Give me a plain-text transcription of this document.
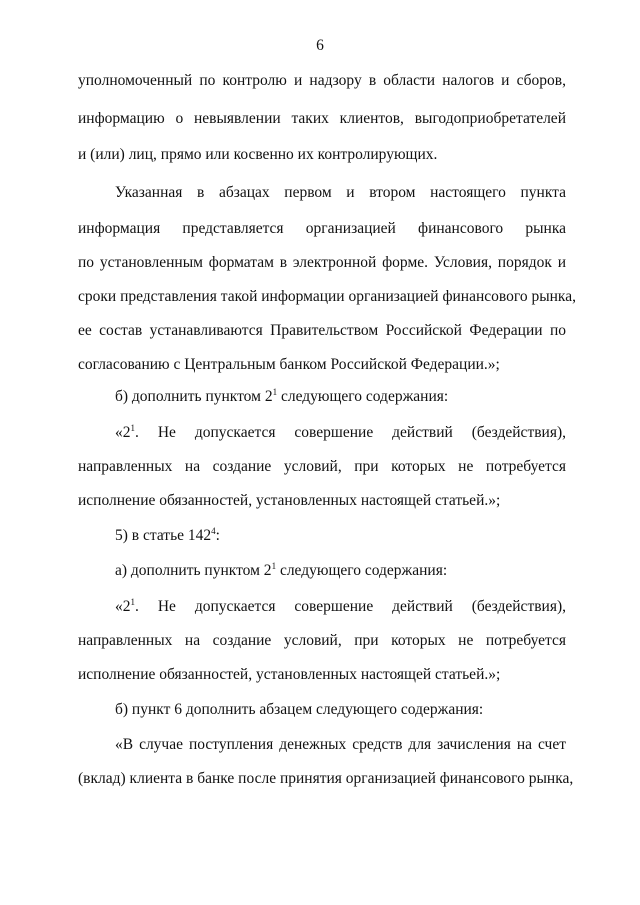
6
уполномоченный по контролю и надзору в области налогов и сборов,
информацию о невыявлении таких клиентов, выгодоприобретателей
и (или) лиц, прямо или косвенно их контролирующих.
Указанная в абзацах первом и втором настоящего пункта
информация представляется организацией финансового рынка
по установленным форматам в электронной форме. Условия, порядок и
сроки представления такой информации организацией финансового рынка,
ее состав устанавливаются Правительством Российской Федерации по
согласованию с Центральным банком Российской Федерации.»;
б) дополнить пунктом $2^1$ следующего содержания:
«$2^1$. Не допускается совершение действий (бездействия),
направленных на создание условий, при которых не потребуется
исполнение обязанностей, установленных настоящей статьей.»;
5) в статье $142^4$:
а) дополнить пунктом $2^1$ следующего содержания:
«$2^1$. Не допускается совершение действий (бездействия),
направленных на создание условий, при которых не потребуется
исполнение обязанностей, установленных настоящей статьей.»;
б) пункт 6 дополнить абзацем следующего содержания:
«В случае поступления денежных средств для зачисления на счет
(вклад) клиента в банке после принятия организацией финансового рынка,
